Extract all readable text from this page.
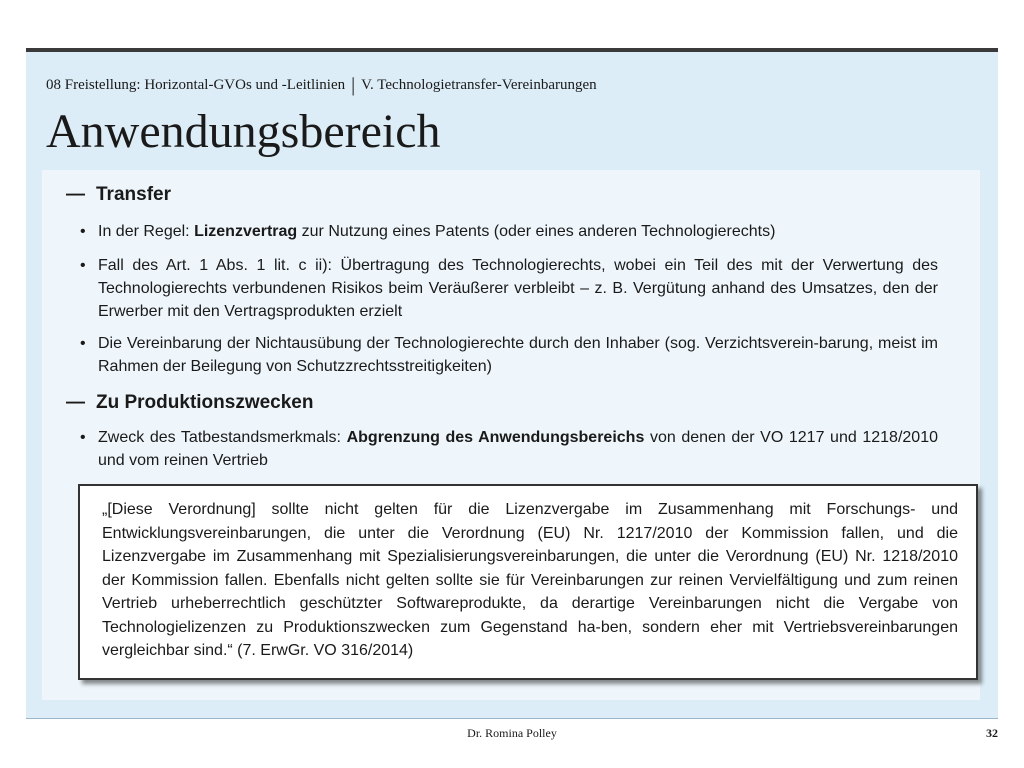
08 Freistellung: Horizontal-GVOs und -Leitlinien | V. Technologietransfer-Vereinbarungen
Anwendungsbereich
— Transfer
• In der Regel: Lizenzvertrag zur Nutzung eines Patents (oder eines anderen Technologierechts)
• Fall des Art. 1 Abs. 1 lit. c ii): Übertragung des Technologierechts, wobei ein Teil des mit der Verwertung des Technologierechts verbundenen Risikos beim Veräußerer verbleibt – z. B. Vergütung anhand des Umsatzes, den der Erwerber mit den Vertragsprodukten erzielt
• Die Vereinbarung der Nichtausübung der Technologierechte durch den Inhaber (sog. Verzichtsverein-barung, meist im Rahmen der Beilegung von Schutzzrechtsstreitigkeiten)
— Zu Produktionszwecken
• Zweck des Tatbestandsmerkmals: Abgrenzung des Anwendungsbereichs von denen der VO 1217 und 1218/2010 und vom reinen Vertrieb

„[Diese Verordnung] sollte nicht gelten für die Lizenzvergabe im Zusammenhang mit Forschungs- und Entwicklungsvereinbarungen, die unter die Verordnung (EU) Nr. 1217/2010 der Kommission fallen, und die Lizenzvergabe im Zusammenhang mit Spezialisierungsvereinbarungen, die unter die Verordnung (EU) Nr. 1218/2010 der Kommission fallen. Ebenfalls nicht gelten sollte sie für Vereinbarungen zur reinen Vervielfältigung und zum reinen Vertrieb urheberrechtlich geschützter Softwareprodukte, da derartige Vereinbarungen nicht die Vergabe von Technologielizenzen zu Produktionszwecken zum Gegenstand ha-ben, sondern eher mit Vertriebsvereinbarungen vergleichbar sind.“ (7. ErwGr. VO 316/2014)

Dr. Romina Polley	32
